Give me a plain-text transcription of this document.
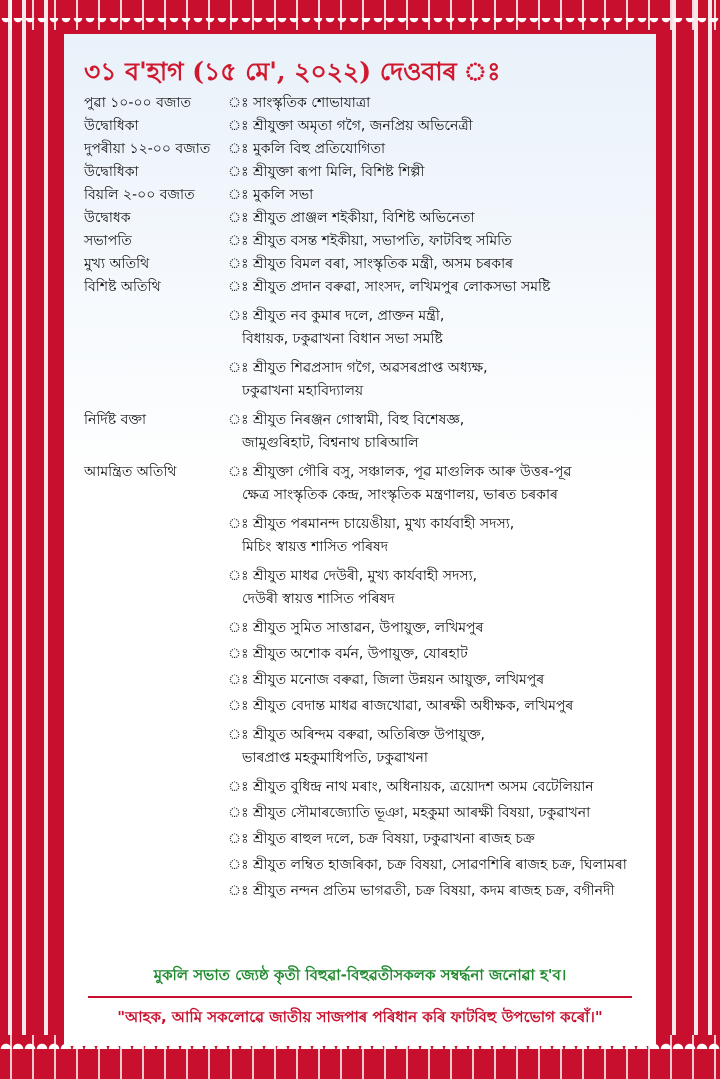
৩১ ব'হাগ (১৫ মে', ২০২২) দেওবাৰ ঃ
পুৱা ১০-০০ বজাত	ঃ সাংস্কৃতিক শোভাযাত্ৰা
উদ্বোধিকা	ঃ শ্ৰীযুক্তা অমৃতা গগৈ, জনপ্ৰিয় অভিনেত্ৰী
দুপৰীয়া ১২-০০ বজাত	ঃ মুকলি বিহু প্ৰতিযোগিতা
উদ্বোধিকা	ঃ শ্ৰীযুক্তা ৰূপা মিলি, বিশিষ্ট শিল্পী
বিয়লি ২-০০ বজাত	ঃ মুকলি সভা
উদ্বোধক	ঃ শ্ৰীযুত প্ৰাঞ্জল শইকীয়া, বিশিষ্ট অভিনেতা
সভাপতি	ঃ শ্ৰীযুত বসন্ত শইকীয়া, সভাপতি, ফাটবিহু সমিতি
মুখ্য অতিথি	ঃ শ্ৰীযুত বিমল বৰা, সাংস্কৃতিক মন্ত্ৰী, অসম চৰকাৰ
বিশিষ্ট অতিথি	ঃ শ্ৰীযুত প্ৰদান বৰুৱা, সাংসদ, লখিমপুৰ লোকসভা সমষ্টি
ঃ শ্ৰীযুত নব কুমাৰ দলে, প্ৰাক্তন মন্ত্ৰী,
বিধায়ক, ঢকুৱাখনা বিধান সভা সমষ্টি
ঃ শ্ৰীযুত শিৱপ্ৰসাদ গগৈ, অৱসৰপ্ৰাপ্ত অধ্যক্ষ,
ঢকুৱাখনা মহাবিদ্যালয়
নিৰ্দিষ্ট বক্তা	ঃ শ্ৰীযুত নিৰঞ্জন গোস্বামী, বিহু বিশেষজ্ঞ,
জামুগুৰিহাট, বিশ্বনাথ চাৰিআলি
আমন্ত্ৰিত অতিথি	ঃ শ্ৰীযুক্তা গৌৰি বসু, সঞ্চালক, পূৱ মাগুলিক আৰু উত্তৰ-পূৱ
ক্ষেত্ৰ সাংস্কৃতিক কেন্দ্ৰ, সাংস্কৃতিক মন্ত্ৰণালয়, ভাৰত চৰকাৰ
ঃ শ্ৰীযুত পৰমানন্দ চায়েঙীয়া, মুখ্য কাৰ্যবাহী সদস্য,
মিচিং স্বায়ত্ত শাসিত পৰিষদ
ঃ শ্ৰীযুত মাধৱ দেউৰী, মুখ্য কাৰ্যবাহী সদস্য,
দেউৰী স্বায়ত্ত শাসিত পৰিষদ
ঃ শ্ৰীযুত সুমিত সাত্তাৱন, উপায়ুক্ত, লখিমপুৰ
ঃ শ্ৰীযুত অশোক বৰ্মন, উপায়ুক্ত, যোৰহাট
ঃ শ্ৰীযুত মনোজ বৰুৱা, জিলা উন্নয়ন আয়ুক্ত, লখিমপুৰ
ঃ শ্ৰীযুত বেদান্ত মাধৱ ৰাজখোৱা, আৰক্ষী অধীক্ষক, লখিমপুৰ
ঃ শ্ৰীযুত অৰিন্দম বৰুৱা, অতিৰিক্ত উপায়ুক্ত,
ভাৰপ্ৰাপ্ত মহকুমাধিপতি, ঢকুৱাখনা
ঃ শ্ৰীযুত বুধিন্দ্ৰ নাথ মৰাং, অধিনায়ক, ত্ৰয়োদশ অসম বেটেলিয়ান
ঃ শ্ৰীযুত সৌমাৰজ্যোতি ভূঞা, মহকুমা আৰক্ষী বিষয়া, ঢকুৱাখনা
ঃ শ্ৰীযুত ৰাহুল দলে, চক্ৰ বিষয়া, ঢকুৱাখনা ৰাজহ চক্ৰ
ঃ শ্ৰীযুত লম্বিত হাজৰিকা, চক্ৰ বিষয়া, সোৱণশিৰি ৰাজহ চক্ৰ, ঘিলামৰা
ঃ শ্ৰীযুত নন্দন প্ৰতিম ভাগৱতী, চক্ৰ বিষয়া, কদম ৰাজহ চক্ৰ, বগীনদী
মুকলি সভাত জ্যেষ্ঠ কৃতী বিহুৱা-বিহুৱতীসকলক সম্বৰ্দ্ধনা জনোৱা হ'ব।
"আহক, আমি সকলোৱে জাতীয় সাজপাৰ পৰিধান কৰি ফাটবিহু উপভোগ কৰোঁ।"
